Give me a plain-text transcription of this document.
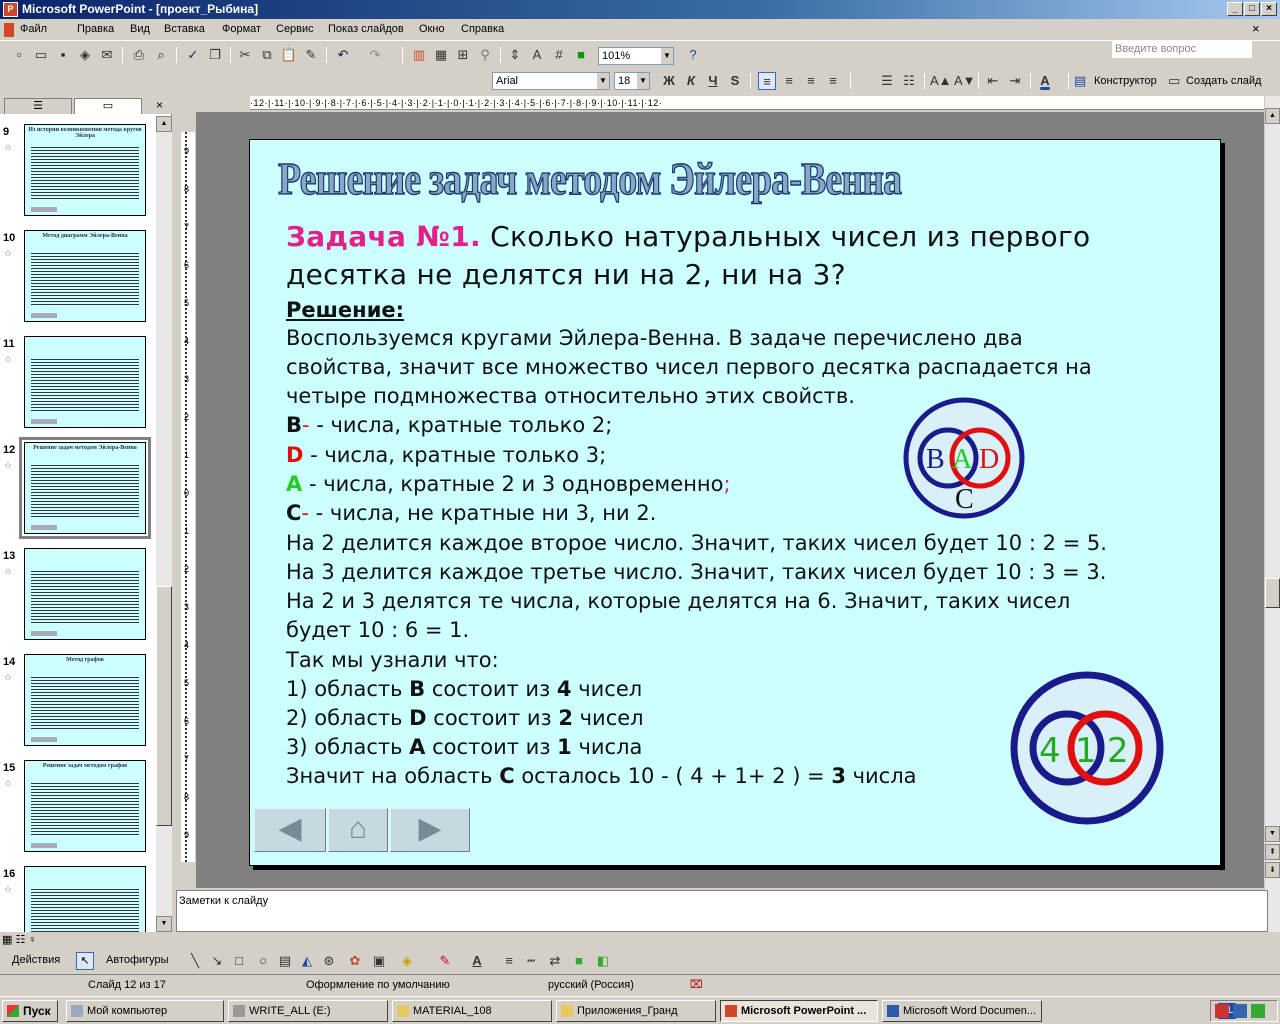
P Microsoft PowerPoint - [проект_Рыбина]	_	□	×
Файл	Правка Вид Вставка Формат Сервис Показ слайдов Окно Справка
Введите вопрос
×
▫	▭	▪	◈ ✉ ⎙	⌕	✓ ❐ ✂ ⧉ 📋 ✎ ↶ ↷ ▥ ▦ ⊞ ⚲	⇕ A	#	■	101%	▼	?
Arial	▼	18 ▼ Ж К	Ч	S	≡	≡	≡	≡	☰ ☷ A▲ A▼ ⇤ ⇥	A	▤ Конструктор ▭ Создать слайд
☰	▭	×
9
☆
Из истории возникновения метода кругов Эйлера
10
☆
Метод диаграмм Эйлера-Венна
11
☆
12
☆
Решение задач методом Эйлера-Венна
13
☆
14
☆
Метод графов
15
☆
Решение задач методом графов
16
☆
▲
▼
·12·|·11·|·10·|·9·|·8·|·7·|·6·|·5·|·4·|·3·|·2·|·1·|·0·|·1·|·2·|·3·|·4·|·5·|·6·|·7·|·8·|·9·|·10·|·11·|·12·
9
8
7
6
5
4
3
2
1
0
1
2
3
4
5
6
7
8
9
Решение задач методом Эйлера-Венна
Задача №1. Сколько натуральных чисел из первого
десятка не делятся ни на 2, ни на 3?
Решение:
Воспользуемся кругами Эйлера-Венна. В задаче перечислено два
свойства, значит все множество чисел первого десятка распадается на
четыре подмножества относительно этих свойств.
В- - числа, кратные только 2;
D - числа, кратные только 3;
А - числа, кратные 2 и 3 одновременно;
С- - числа, не кратные ни 3, ни 2.
На 2 делится каждое второе число. Значит, таких чисел будет 10 : 2 = 5.
На 3 делится каждое третье число. Значит, таких чисел будет 10 : 3 = 3.
На 2 и 3 делятся те числа, которые делятся на 6. Значит, таких чисел
будет 10 : 6 = 1.
Так мы узнали что:
1) область В состоит из 4 чисел
2) область D состоит из 2 чисел
3) область А состоит из 1 числа
Значит на область С осталось 10 - ( 4 + 1+ 2 ) = 3 числа
B A D
C
4 1 2
◀	⌂	▶
▲
▼
⇞
⇟
Заметки к слайду
▦ ☷ ♀
Действия	↖	Автофигуры	╲ ↘ □	○ ▤ ◭ ⊛ ✿ ▣	◈	✎	A	≡	┅	⇄	■	◧
Слайд 12 из 17	Оформление по умолчанию	русский (Россия)	⌧
Пуск	Мой компьютер	WRITE_ALL (E:)	MATERIAL_108	Приложения_Гранд	Microsoft PowerPoint ...	Microsoft Word Documen...
